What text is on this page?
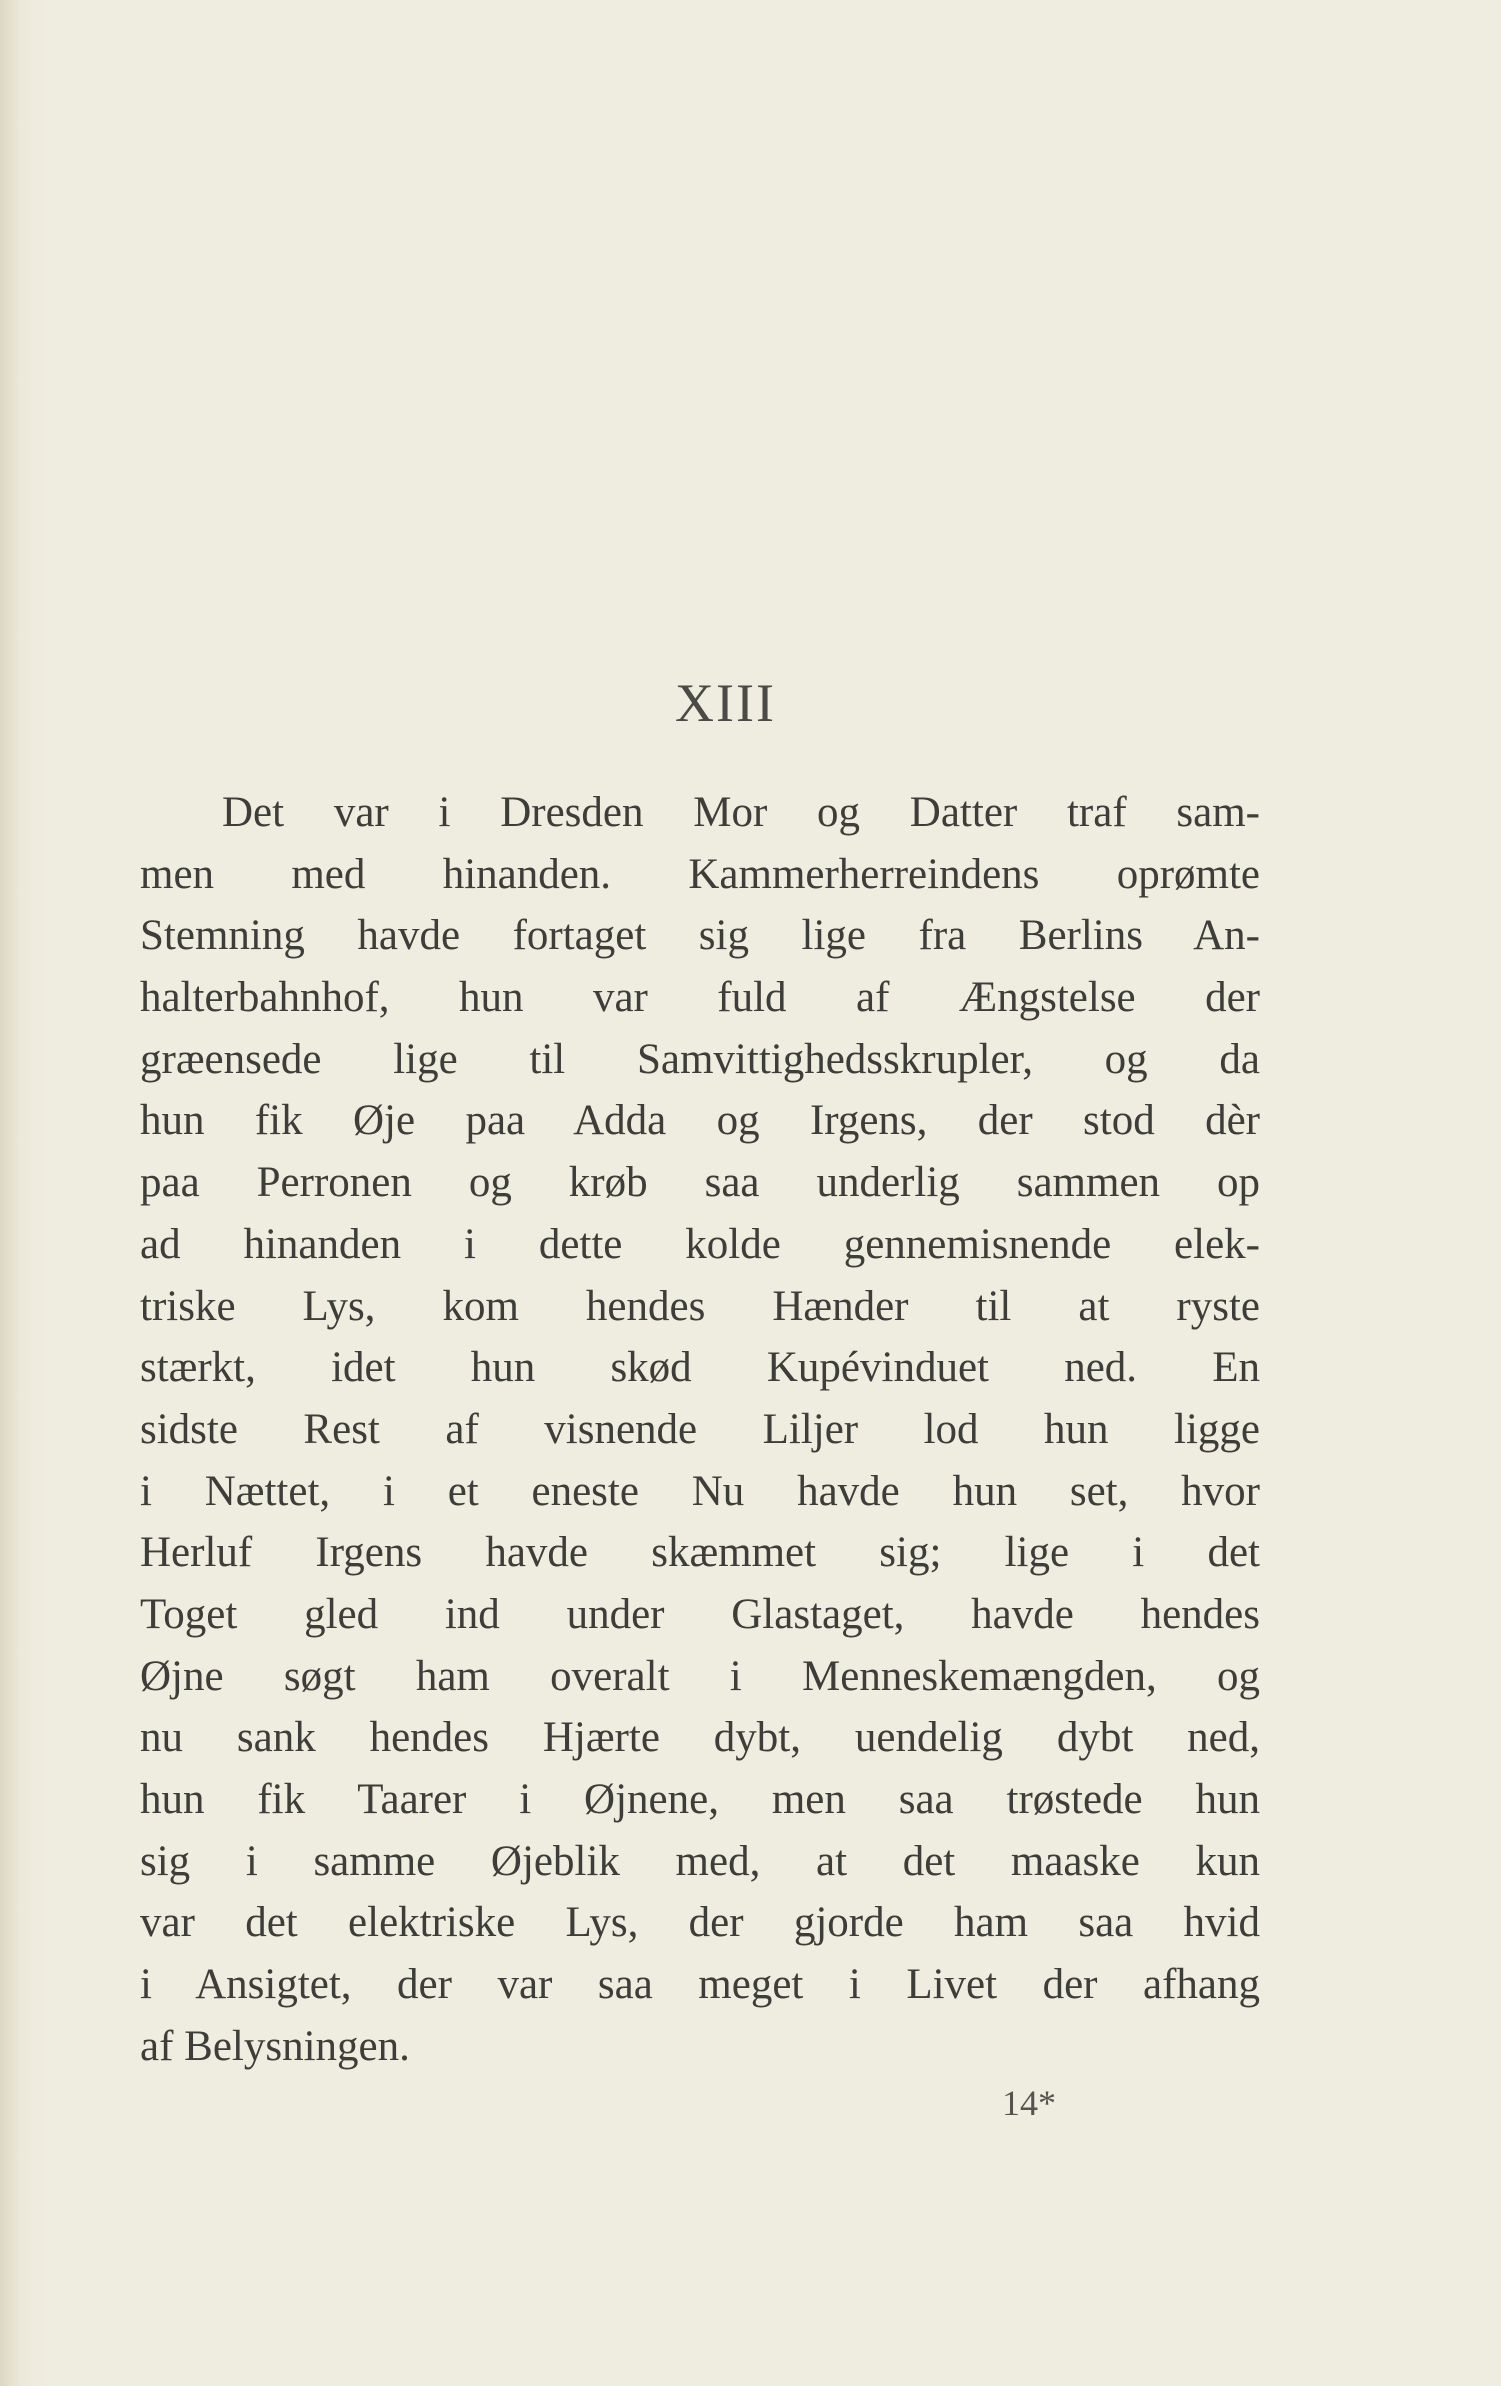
XIII
Det var i Dresden Mor og Datter traf sam-
men med hinanden. Kammerherreindens oprømte
Stemning havde fortaget sig lige fra Berlins An-
halterbahnhof, hun var fuld af Ængstelse der
græensede lige til Samvittighedsskrupler, og da
hun fik Øje paa Adda og Irgens, der stod dèr
paa Perronen og krøb saa underlig sammen op
ad hinanden i dette kolde gennemisnende elek-
triske Lys, kom hendes Hænder til at ryste
stærkt, idet hun skød Kupévinduet ned. En
sidste Rest af visnende Liljer lod hun ligge
i Nættet, i et eneste Nu havde hun set, hvor
Herluf Irgens havde skæmmet sig; lige i det
Toget gled ind under Glastaget, havde hendes
Øjne søgt ham overalt i Menneskemængden, og
nu sank hendes Hjærte dybt, uendelig dybt ned,
hun fik Taarer i Øjnene, men saa trøstede hun
sig i samme Øjeblik med, at det maaske kun
var det elektriske Lys, der gjorde ham saa hvid
i Ansigtet, der var saa meget i Livet der afhang
af Belysningen.
14*
